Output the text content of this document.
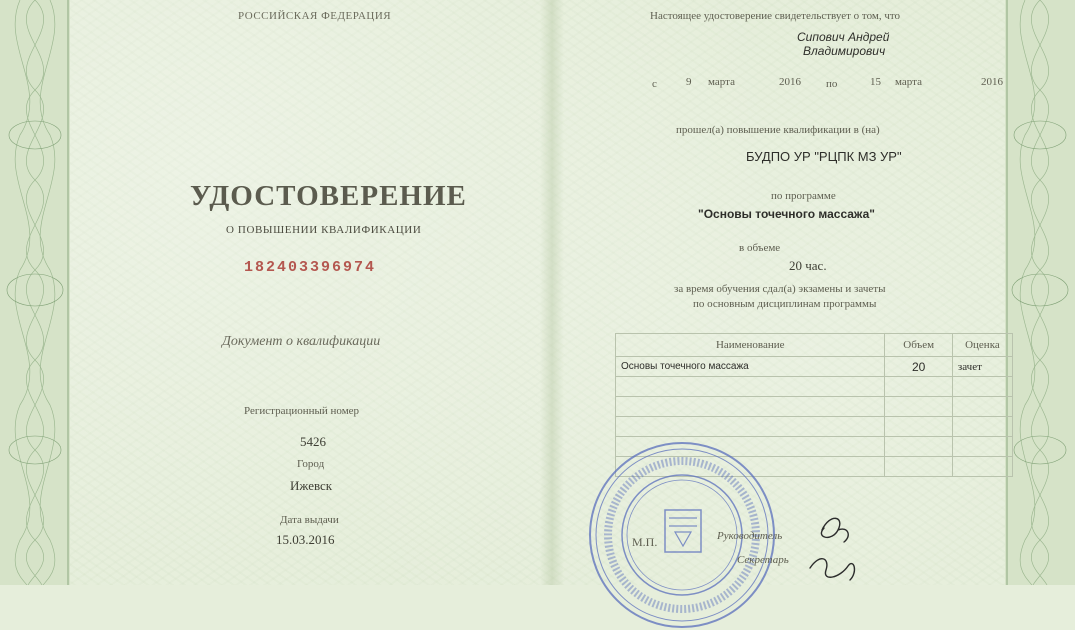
РОССИЙСКАЯ ФЕДЕРАЦИЯ
УДОСТОВЕРЕНИЕ
О ПОВЫШЕНИИ КВАЛИФИКАЦИИ
182403396974
Документ о квалификации
Регистрационный номер
5426
Город
Ижевск
Дата выдачи
15.03.2016
Настоящее удостоверение свидетельствует о том, что
Сипович Андрей
Владимирович
с	9 марта	2016 по	15 марта	2016
прошел(а) повышение квалификации в (на)
БУДПО УР "РЦПК МЗ УР"
по программе
"Основы точечного массажа"
в объеме
20 час.
за время обучения сдал(а) экзамены и зачеты
по основным дисциплинам программы
Наименование	Объем	Оценка
Основы точечного массажа	20	зачет

М.П.	Руководитель
Секретарь
